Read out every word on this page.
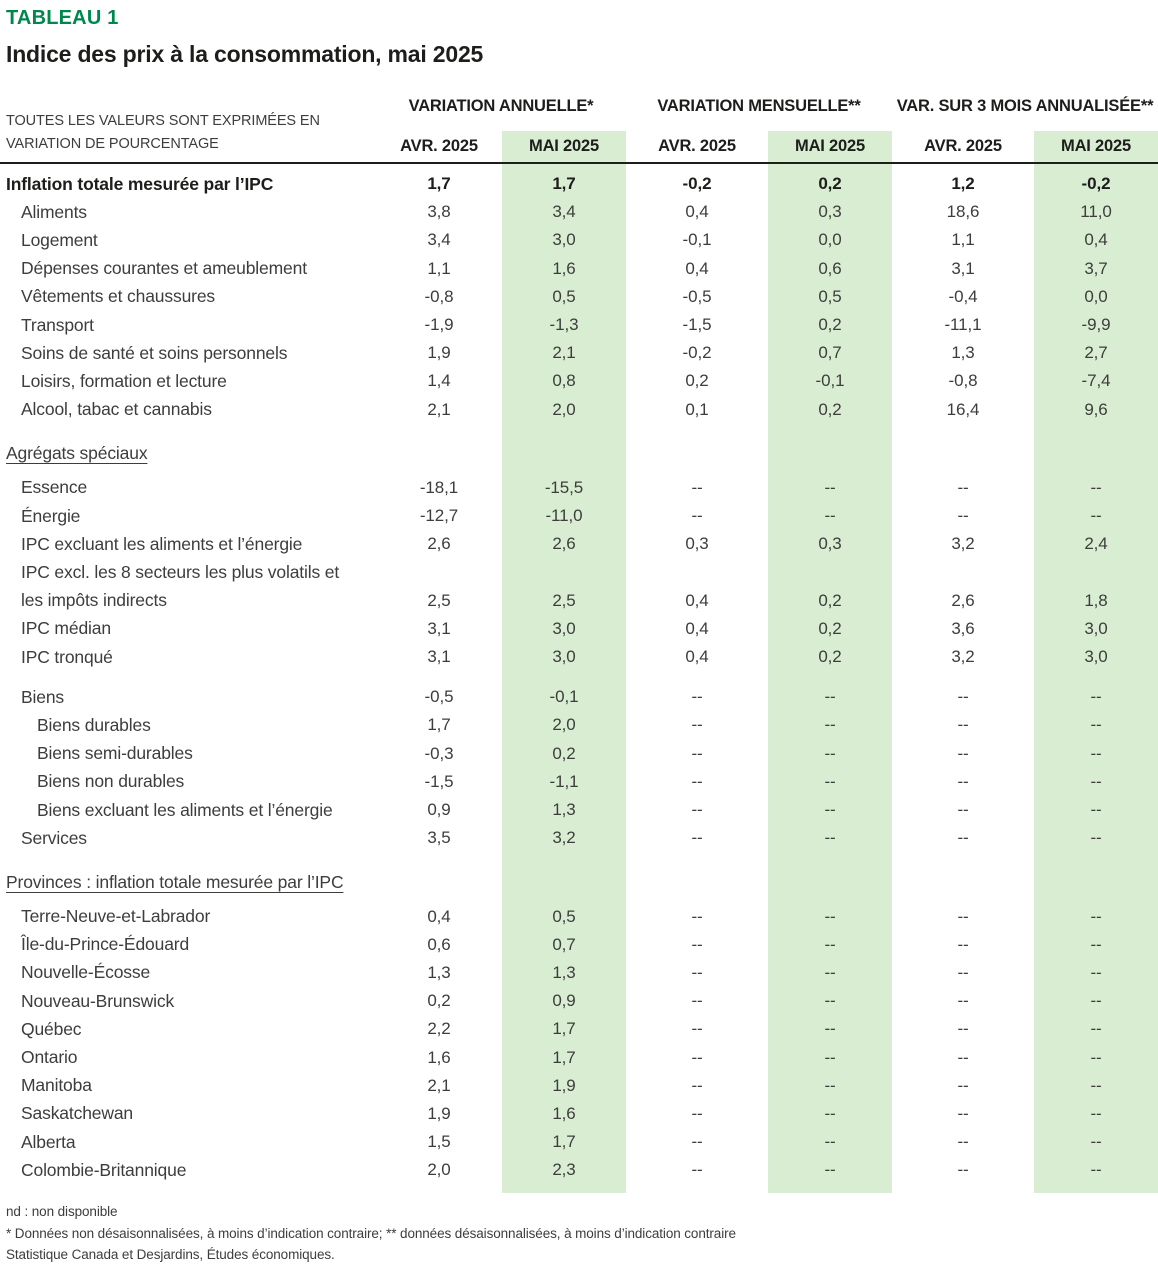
TABLEAU 1
Indice des prix à la consommation, mai 2025
TOUTES LES VALEURS SONT EXPRIMÉES EN
VARIATION DE POURCENTAGE
VARIATION ANNUELLE*	VARIATION MENSUELLE**	VAR. SUR 3 MOIS ANNUALISÉE**
AVR. 2025	MAI 2025	AVR. 2025	MAI 2025	AVR. 2025	MAI 2025
Inflation totale mesurée par l’IPC	1,7	1,7	-0,2	0,2	1,2	-0,2
Aliments	3,8	3,4	0,4	0,3	18,6	11,0
Logement	3,4	3,0	-0,1	0,0	1,1	0,4
Dépenses courantes et ameublement	1,1	1,6	0,4	0,6	3,1	3,7
Vêtements et chaussures	-0,8	0,5	-0,5	0,5	-0,4	0,0
Transport	-1,9	-1,3	-1,5	0,2	-11,1	-9,9
Soins de santé et soins personnels	1,9	2,1	-0,2	0,7	1,3	2,7
Loisirs, formation et lecture	1,4	0,8	0,2	-0,1	-0,8	-7,4
Alcool, tabac et cannabis	2,1	2,0	0,1	0,2	16,4	9,6
Agrégats spéciaux
Essence	-18,1	-15,5	--	--	--	--
Énergie	-12,7	-11,0	--	--	--	--
IPC excluant les aliments et l’énergie	2,6	2,6	0,3	0,3	3,2	2,4
IPC excl. les 8 secteurs les plus volatils et
les impôts indirects	2,5	2,5	0,4	0,2	2,6	1,8
IPC médian	3,1	3,0	0,4	0,2	3,6	3,0
IPC tronqué	3,1	3,0	0,4	0,2	3,2	3,0
Biens	-0,5	-0,1	--	--	--	--
Biens durables	1,7	2,0	--	--	--	--
Biens semi-durables	-0,3	0,2	--	--	--	--
Biens non durables	-1,5	-1,1	--	--	--	--
Biens excluant les aliments et l’énergie	0,9	1,3	--	--	--	--
Services	3,5	3,2	--	--	--	--
Provinces : inflation totale mesurée par l’IPC
Terre-Neuve-et-Labrador	0,4	0,5	--	--	--	--
Île-du-Prince-Édouard	0,6	0,7	--	--	--	--
Nouvelle-Écosse	1,3	1,3	--	--	--	--
Nouveau-Brunswick	0,2	0,9	--	--	--	--
Québec	2,2	1,7	--	--	--	--
Ontario	1,6	1,7	--	--	--	--
Manitoba	2,1	1,9	--	--	--	--
Saskatchewan	1,9	1,6	--	--	--	--
Alberta	1,5	1,7	--	--	--	--
Colombie-Britannique	2,0	2,3	--	--	--	--
nd : non disponible
* Données non désaisonnalisées, à moins d’indication contraire; ** données désaisonnalisées, à moins d’indication contraire
Statistique Canada et Desjardins, Études économiques.
